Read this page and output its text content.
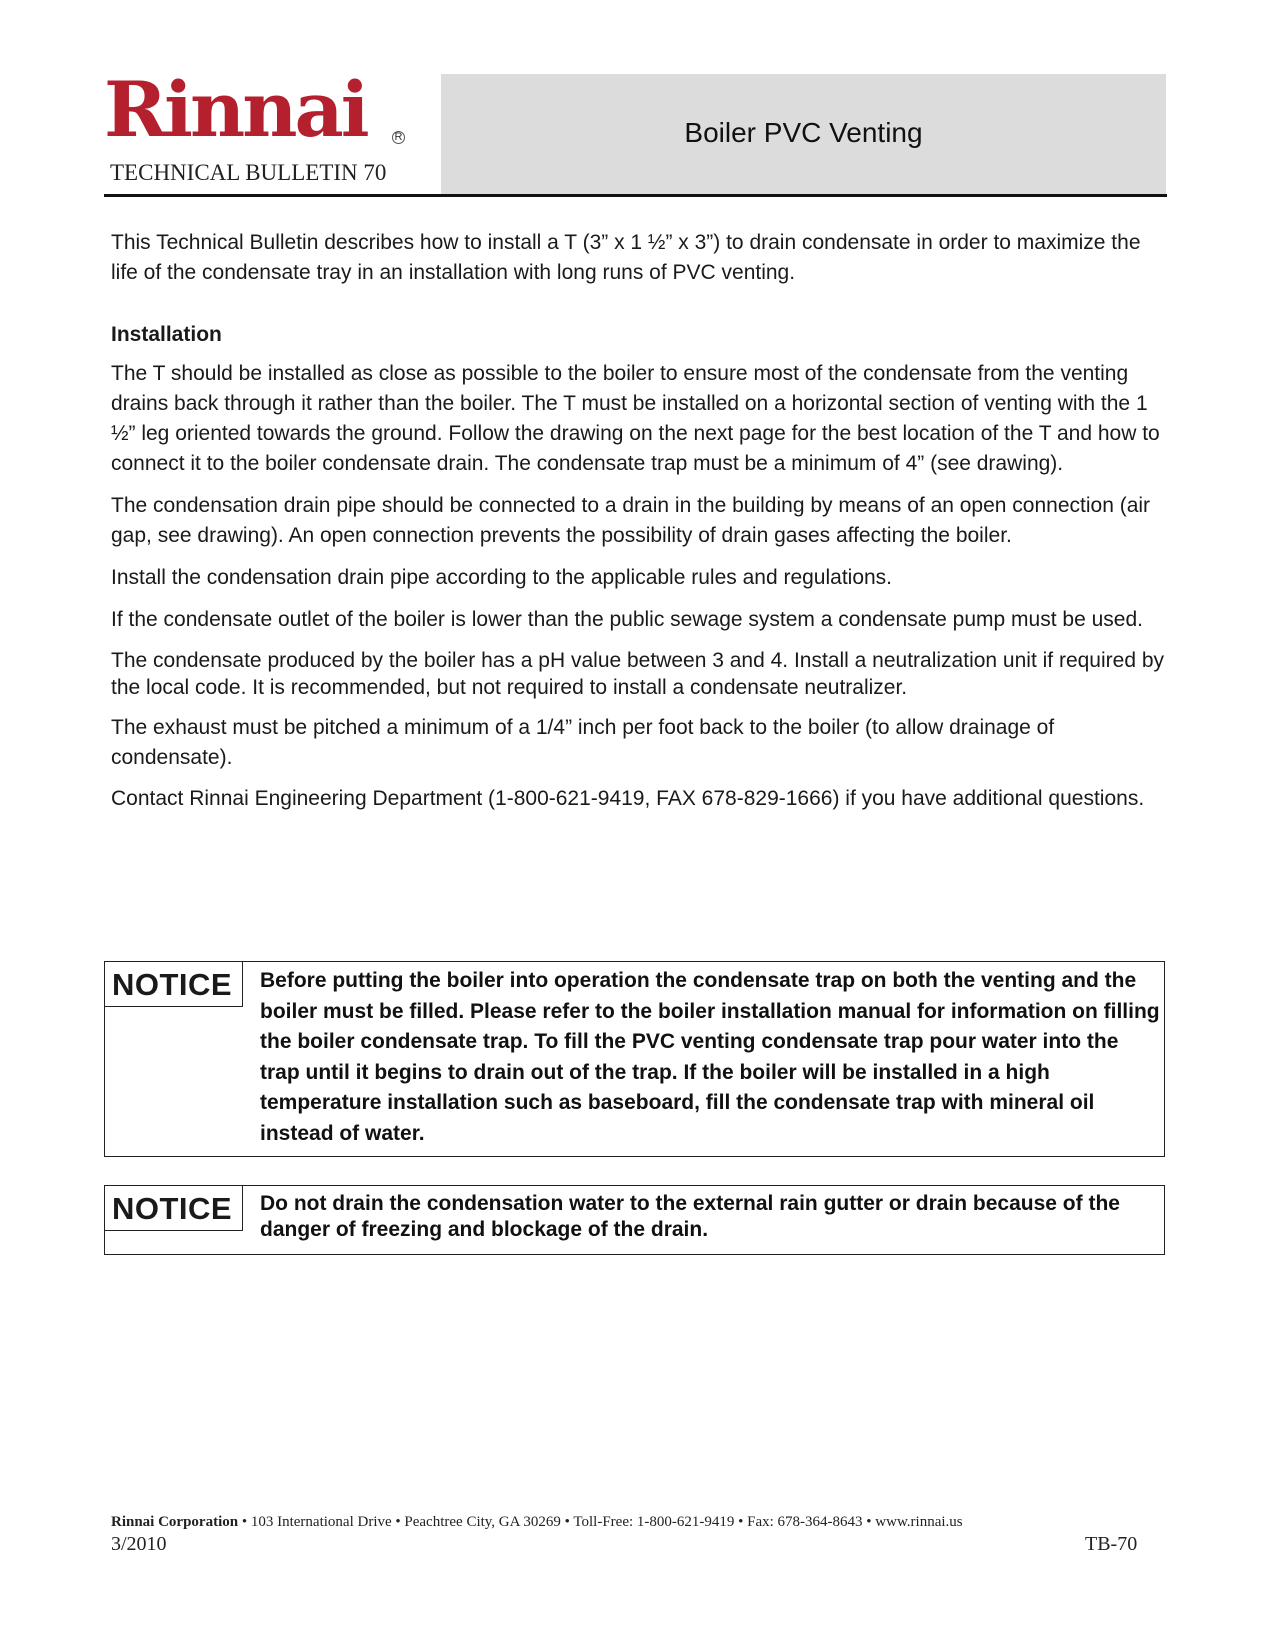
Rinnai	R
TECHNICAL BULLETIN 70
Boiler PVC Venting

This Technical Bulletin describes how to install a T (3” x 1 ½” x 3”) to drain condensate in order to maximize the life of the condensate tray in an installation with long runs of PVC venting.

Installation

The T should be installed as close as possible to the boiler to ensure most of the condensate from the venting drains back through it rather than the boiler. The T must be installed on a horizontal section of venting with the 1 ½” leg oriented towards the ground. Follow the drawing on the next page for the best location of the T and how to connect it to the boiler condensate drain. The condensate trap must be a minimum of 4” (see drawing).

The condensation drain pipe should be connected to a drain in the building by means of an open connection (air gap, see drawing). An open connection prevents the possibility of drain gases affecting the boiler.

Install the condensation drain pipe according to the applicable rules and regulations.

If the condensate outlet of the boiler is lower than the public sewage system a condensate pump must be used.

The condensate produced by the boiler has a pH value between 3 and 4. Install a neutralization unit if required by the local code. It is recommended, but not required to install a condensate neutralizer.

The exhaust must be pitched a minimum of a 1/4” inch per foot back to the boiler (to allow drainage of condensate).

Contact Rinnai Engineering Department (1-800-621-9419, FAX 678-829-1666) if you have additional questions.

NOTICE	Before putting the boiler into operation the condensate trap on both the venting and the boiler must be filled. Please refer to the boiler installation manual for information on filling the boiler condensate trap. To fill the PVC venting condensate trap pour water into the trap until it begins to drain out of the trap. If the boiler will be installed in a high temperature installation such as baseboard, fill the condensate trap with mineral oil instead of water.
NOTICE	Do not drain the condensation water to the external rain gutter or drain because of the danger of freezing and blockage of the drain.
Rinnai Corporation • 103 International Drive • Peachtree City, GA 30269 • Toll-Free: 1-800-621-9419 • Fax: 678-364-8643 • www.rinnai.us
3/2010	TB-70
